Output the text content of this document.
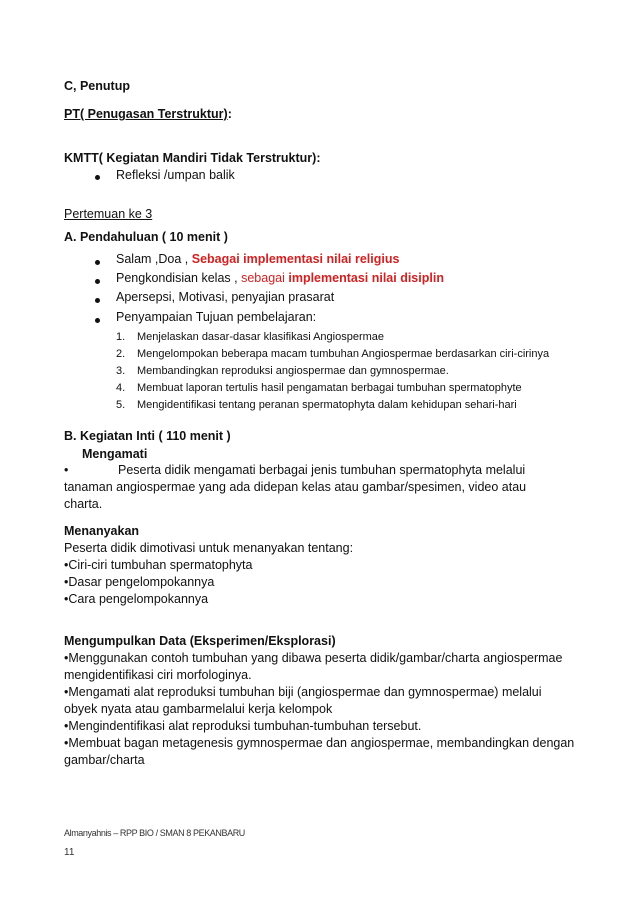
C, Penutup
PT( Penugasan Terstruktur):
KMTT( Kegiatan Mandiri Tidak Terstruktur):
Refleksi /umpan balik
Pertemuan ke 3
A. Pendahuluan ( 10 menit )
Salam ,Doa , Sebagai implementasi nilai religius
Pengkondisian kelas , sebagai implementasi nilai disiplin
Apersepsi, Motivasi, penyajian prasarat
Penyampaian Tujuan pembelajaran:
1. Menjelaskan dasar-dasar klasifikasi Angiospermae
2. Mengelompokan beberapa macam tumbuhan Angiospermae berdasarkan ciri-cirinya
3. Membandingkan reproduksi angiospermae dan gymnospermae.
4. Membuat laporan tertulis hasil pengamatan berbagai tumbuhan spermatophyte
5. Mengidentifikasi tentang peranan spermatophyta dalam kehidupan sehari-hari
B. Kegiatan Inti ( 110 menit )
Mengamati
•	Peserta didik mengamati berbagai jenis tumbuhan spermatophyta melalui
tanaman angiospermae yang ada didepan kelas atau gambar/spesimen, video atau
charta.
Menanyakan
Peserta didik dimotivasi untuk menanyakan tentang:
•Ciri-ciri tumbuhan spermatophyta
•Dasar pengelompokannya
•Cara pengelompokannya
Mengumpulkan Data (Eksperimen/Eksplorasi)
•Menggunakan contoh tumbuhan yang dibawa peserta didik/gambar/charta angiospermae
mengidentifikasi ciri morfologinya.
•Mengamati alat reproduksi tumbuhan biji (angiospermae dan gymnospermae) melalui
obyek nyata atau gambarmelalui kerja kelompok
•Mengindentifikasi alat reproduksi tumbuhan-tumbuhan tersebut.
•Membuat bagan metagenesis gymnospermae dan angiospermae, membandingkan dengan
gambar/charta
Almanyahnis – RPP BIO / SMAN 8 PEKANBARU
11
